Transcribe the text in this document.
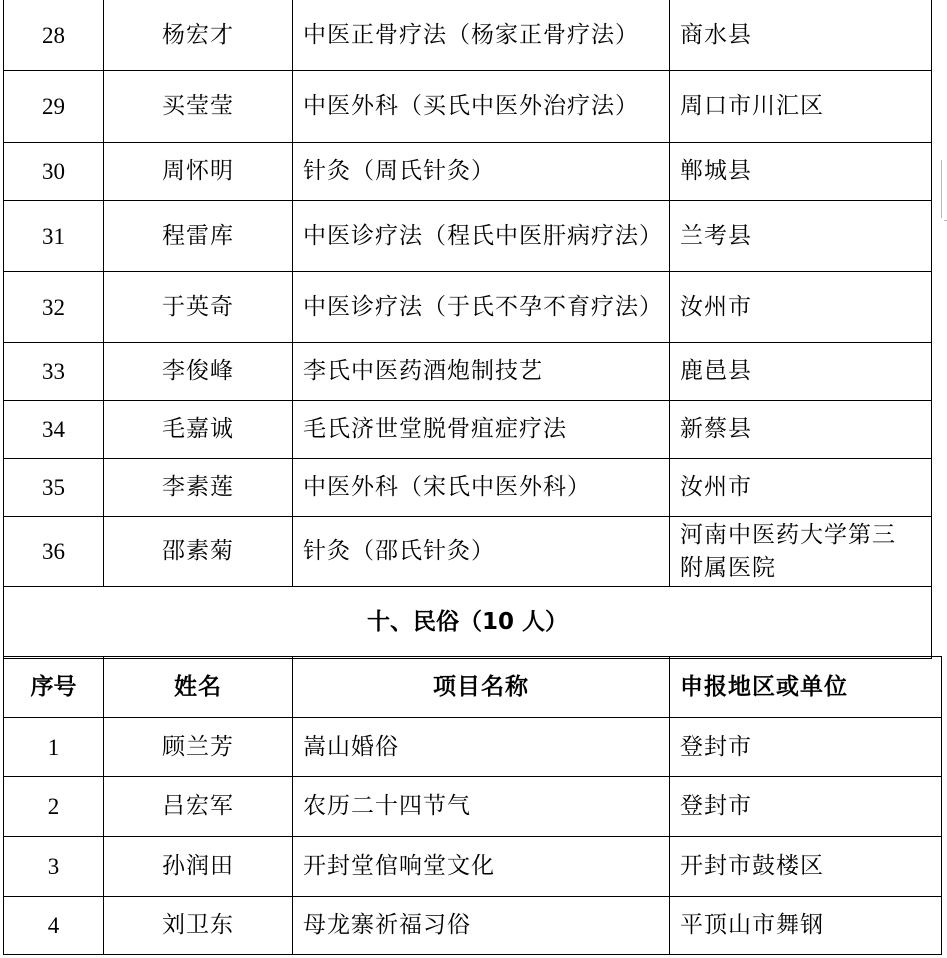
28	杨宏才	中医正骨疗法（杨家正骨疗法）	商水县
29	买莹莹	中医外科（买氏中医外治疗法）	周口市川汇区
30	周怀明	针灸（周氏针灸）	郸城县
31	程雷库	中医诊疗法（程氏中医肝病疗法）	兰考县
32	于英奇	中医诊疗法（于氏不孕不育疗法）	汝州市
33	李俊峰	李氏中医药酒炮制技艺	鹿邑县
34	毛嘉诚	毛氏济世堂脱骨疽症疗法	新蔡县
35	李素莲	中医外科（宋氏中医外科）	汝州市
36	邵素菊	针灸（邵氏针灸）	河南中医药大学第三附属医院
十、民俗（10 人）			
序号	姓名	项目名称	申报地区或单位
1	顾兰芳	嵩山婚俗	登封市
2	吕宏军	农历二十四节气	登封市
3	孙润田	开封堂倌响堂文化	开封市鼓楼区
4	刘卫东	母龙寨祈福习俗	平顶山市舞钢
